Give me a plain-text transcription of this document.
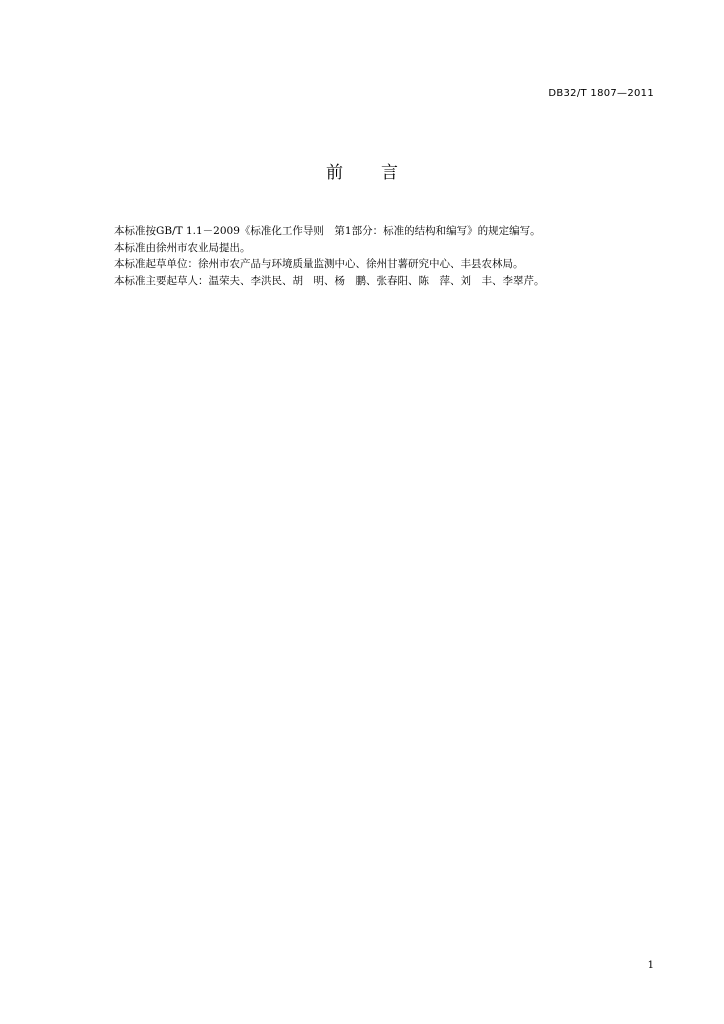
DB32/T 1807—2011
前言
本标准按GB/T 1.1－2009《标准化工作导则　第1部分：标准的结构和编写》的规定编写。
本标准由徐州市农业局提出。
本标准起草单位：徐州市农产品与环境质量监测中心、徐州甘薯研究中心、丰县农林局。
本标准主要起草人：温荣夫、李洪民、胡　明、杨　鹏、张春阳、陈　萍、刘　丰、李翠芹。
1
